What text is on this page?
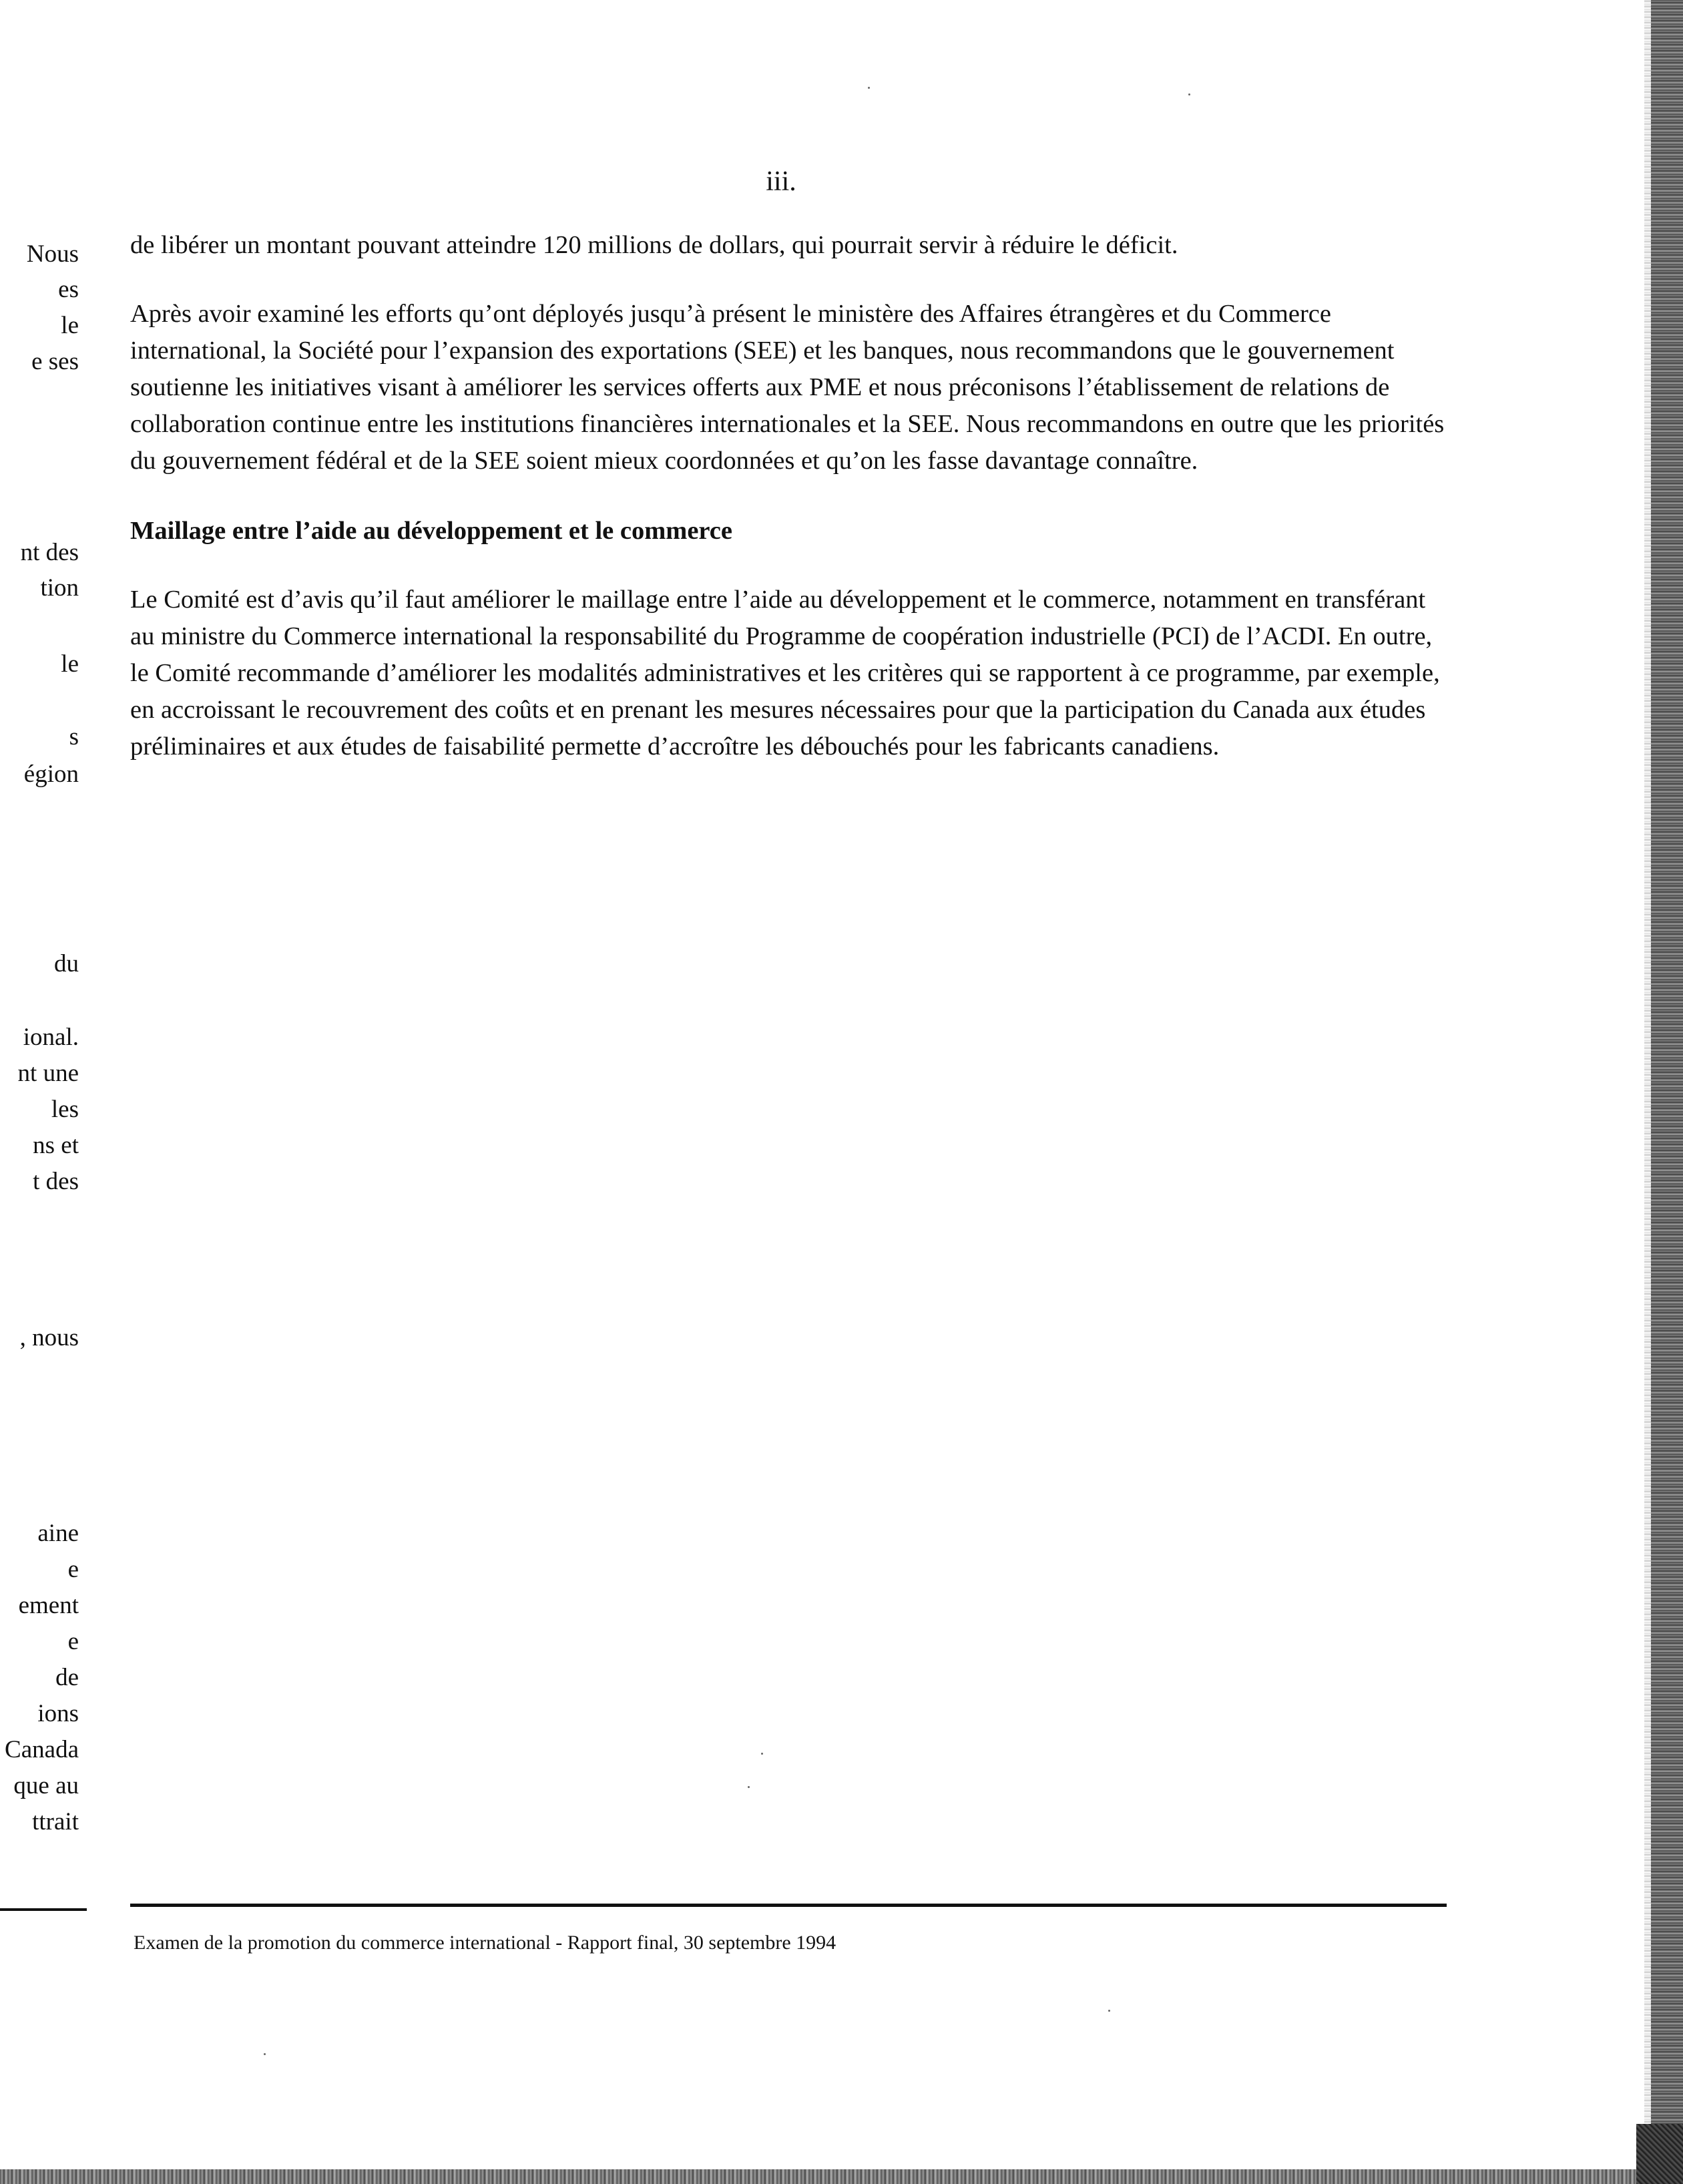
Nous
es
le
e ses
nt des
tion
le
s
égion
du
ional.
nt une
les
ns et
t des
, nous
aine
e
ement
e
de
ions
Canada
que au
ttrait
iii.

de libérer un montant pouvant atteindre 120 millions de dollars, qui pourrait servir à réduire le déficit.

Après avoir examiné les efforts qu’ont déployés jusqu’à présent le ministère des Affaires étrangères et du Commerce international, la Société pour l’expansion des exportations (SEE) et les banques, nous recommandons que le gouvernement soutienne les initiatives visant à améliorer les services offerts aux PME et nous préconisons l’établissement de relations de collaboration continue entre les institutions financières internationales et la SEE. Nous recommandons en outre que les priorités du gouvernement fédéral et de la SEE soient mieux coordonnées et qu’on les fasse davantage connaître.

Maillage entre l’aide au développement et le commerce

Le Comité est d’avis qu’il faut améliorer le maillage entre l’aide au développement et le commerce, notamment en transférant au ministre du Commerce international la responsabilité du Programme de coopération industrielle (PCI) de l’ACDI. En outre, le Comité recommande d’améliorer les modalités administratives et les critères qui se rapportent à ce programme, par exemple, en accroissant le recouvrement des coûts et en prenant les mesures nécessaires pour que la participation du Canada aux études préliminaires et aux études de faisabilité permette d’accroître les débouchés pour les fabricants canadiens.

Examen de la promotion du commerce international - Rapport final, 30 septembre 1994
